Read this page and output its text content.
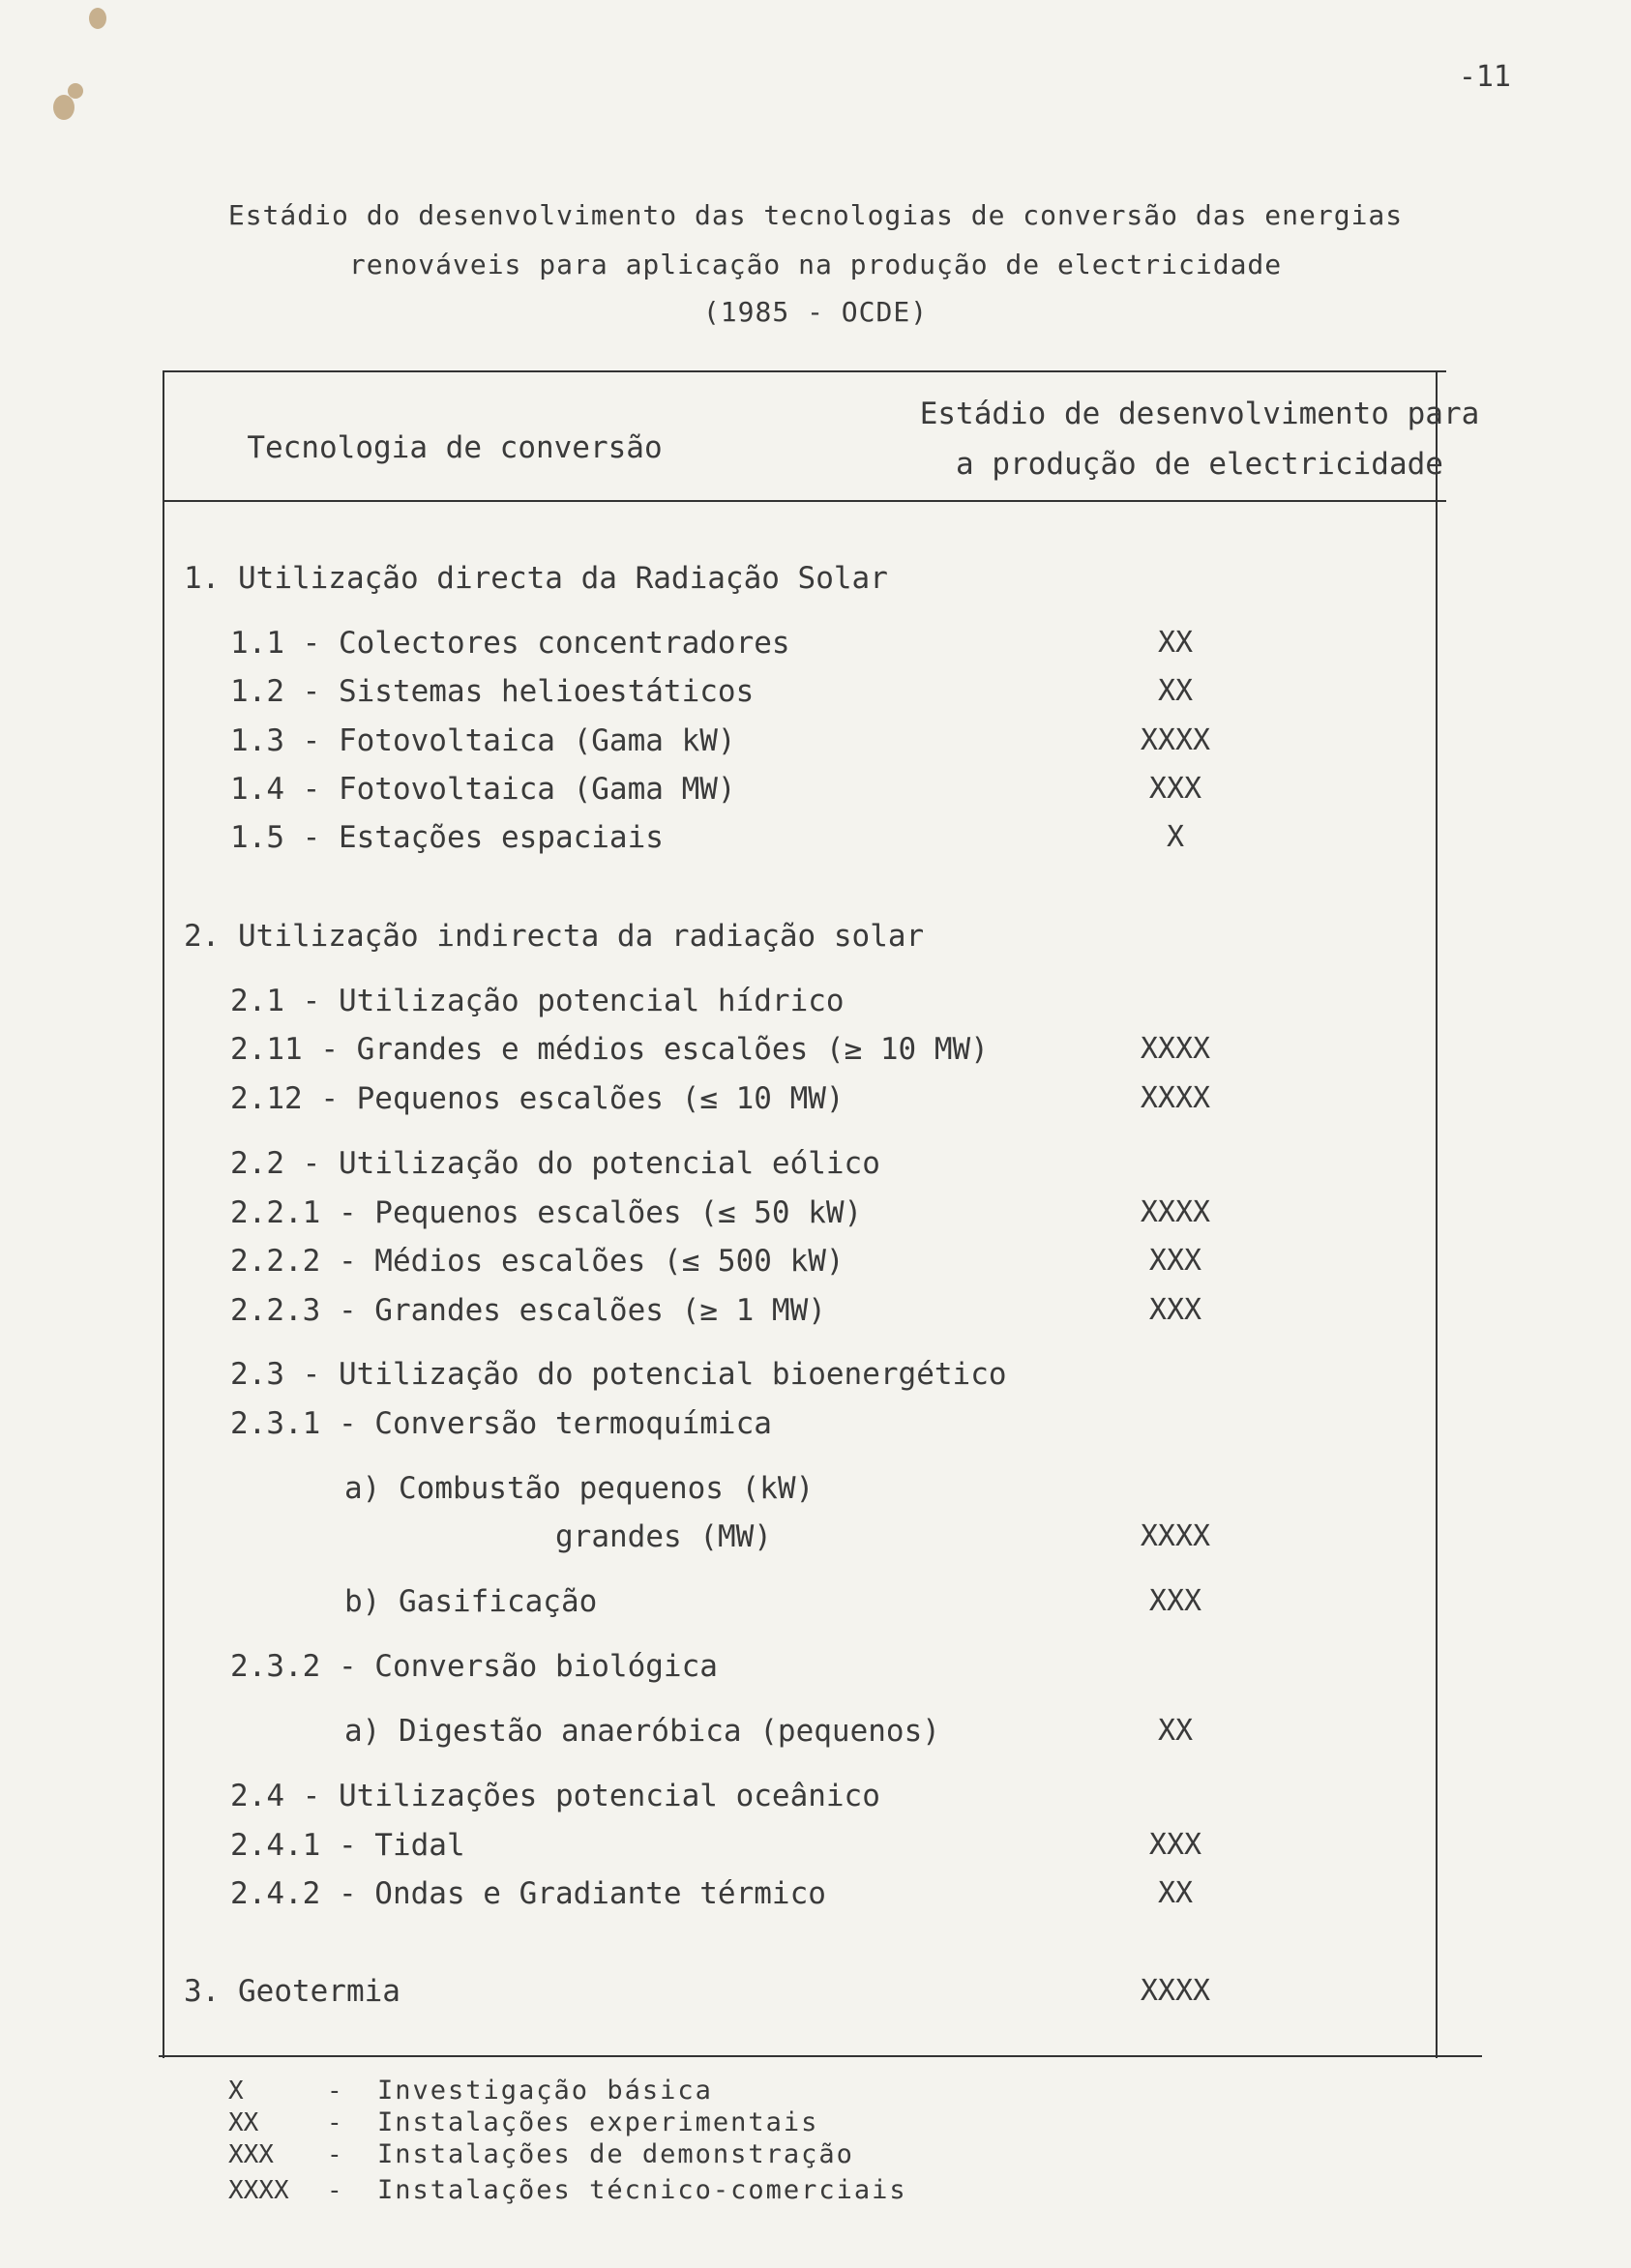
-11
Estádio do desenvolvimento das tecnologias de conversão das energias
renováveis para aplicação na produção de electricidade
(1985 - OCDE)
Tecnologia de conversão
Estádio de desenvolvimento para
a produção de electricidade
1. Utilização directa da Radiação Solar
1.1 - Colectores concentradores	XX
1.2 - Sistemas helioestáticos	XX
1.3 - Fotovoltaica (Gama kW)	XXXX
1.4 - Fotovoltaica (Gama MW)	XXX
1.5 - Estações espaciais	X
2. Utilização indirecta da radiação solar
2.1 - Utilização potencial hídrico
2.11 - Grandes e médios escalões (≥ 10 MW)	XXXX
2.12 - Pequenos escalões (≤ 10 MW)	XXXX
2.2 - Utilização do potencial eólico
2.2.1 - Pequenos escalões (≤ 50 kW)	XXXX
2.2.2 - Médios escalões (≤ 500 kW)	XXX
2.2.3 - Grandes escalões (≥ 1 MW)	XXX
2.3 - Utilização do potencial bioenergético
2.3.1 - Conversão termoquímica
a) Combustão pequenos (kW)
grandes (MW)	XXXX
b) Gasificação	XXX
2.3.2 - Conversão biológica
a) Digestão anaeróbica (pequenos)	XX
2.4 - Utilizações potencial oceânico
2.4.1 - Tidal	XXX
2.4.2 - Ondas e Gradiante térmico	XX
3. Geotermia	XXXX
X	- Investigação básica
XX	- Instalações experimentais
XXX - Instalações de demonstração
XXXX - Instalações técnico-comerciais
